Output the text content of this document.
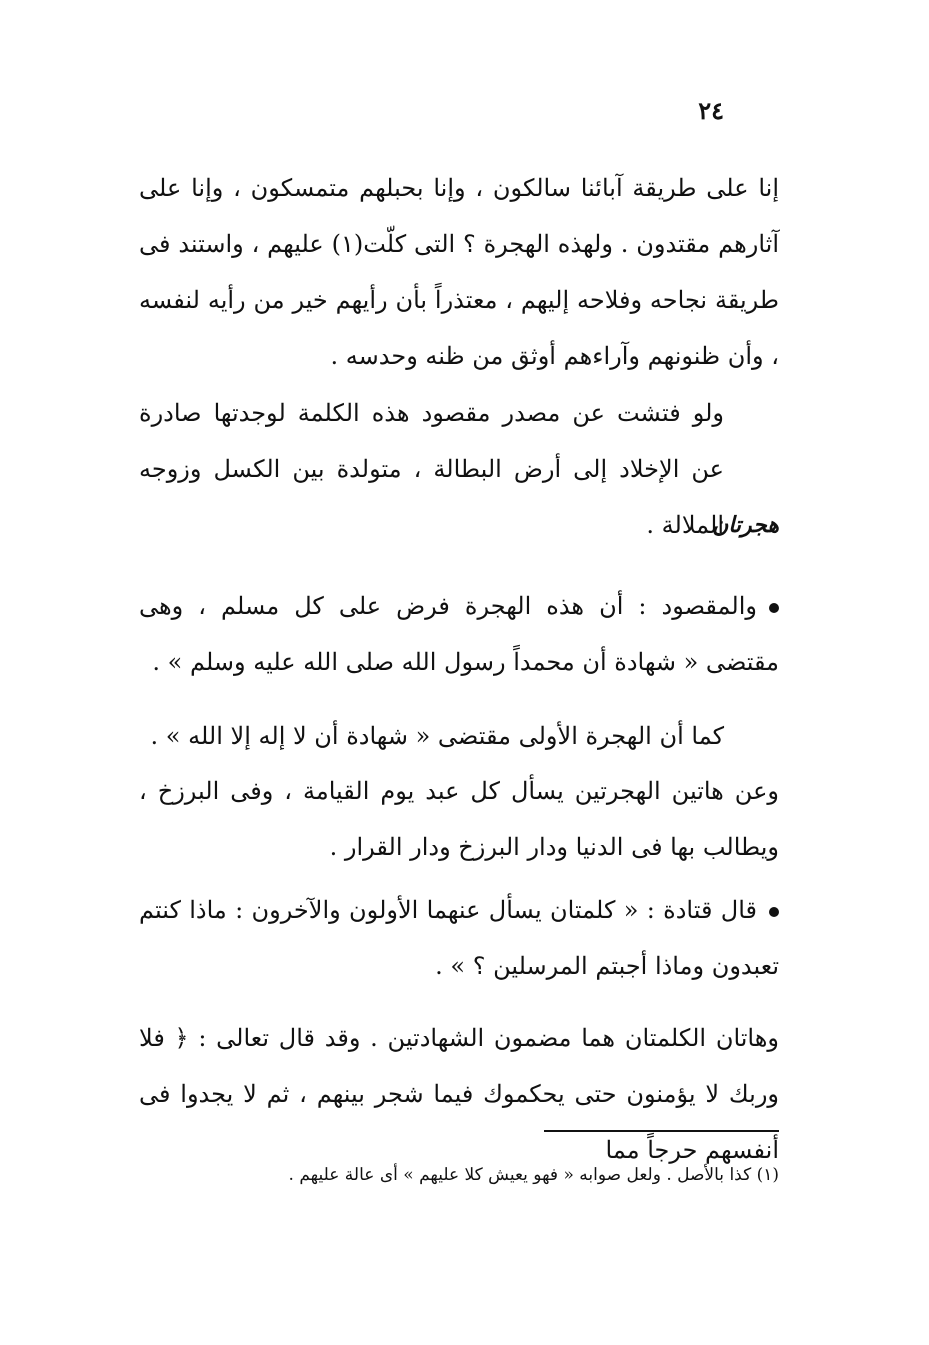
٢٤
إنا على طريقة آبائنا سالكون ، وإنا بحبلهم متمسكون ، وإنا على آثارهم مقتدون . ولهذه الهجرة ؟ التى كلّت(١) عليهم ، واستند فى طريقة نجاحه وفلاحه إليهم ، معتذراً بأن رأيهم خير من رأيه لنفسه ، وأن ظنونهم وآراءهم أوثق من ظنه وحدسه .
ولو فتشت عن مصدر مقصود هذه الكلمة لوجدتها صادرة عن الإخلاد إلى أرض البطالة ، متولدة بين الكسل وزوجه الملالة .
هجرتان
والمقصود : أن هذه الهجرة فرض على كل مسلم ، وهى مقتضى « شهادة أن محمداً رسول الله صلى الله عليه وسلم » .
كما أن الهجرة الأولى مقتضى « شهادة أن لا إله إلا الله » .
وعن هاتين الهجرتين يسأل كل عبد يوم القيامة ، وفى البرزخ ، ويطالب بها فى الدنيا ودار البرزخ ودار القرار .
قال قتادة : « كلمتان يسأل عنهما الأولون والآخرون : ماذا كنتم تعبدون وماذا أجبتم المرسلين ؟ » .
وهاتان الكلمتان هما مضمون الشهادتين . وقد قال تعالى : ﴿ فلا وربك لا يؤمنون حتى يحكموك فيما شجر بينهم ، ثم لا يجدوا فى أنفسهم حرجاً مما
(١) كذا بالأصل . ولعل صوابه « فهو يعيش كلا عليهم » أى عالة عليهم .
